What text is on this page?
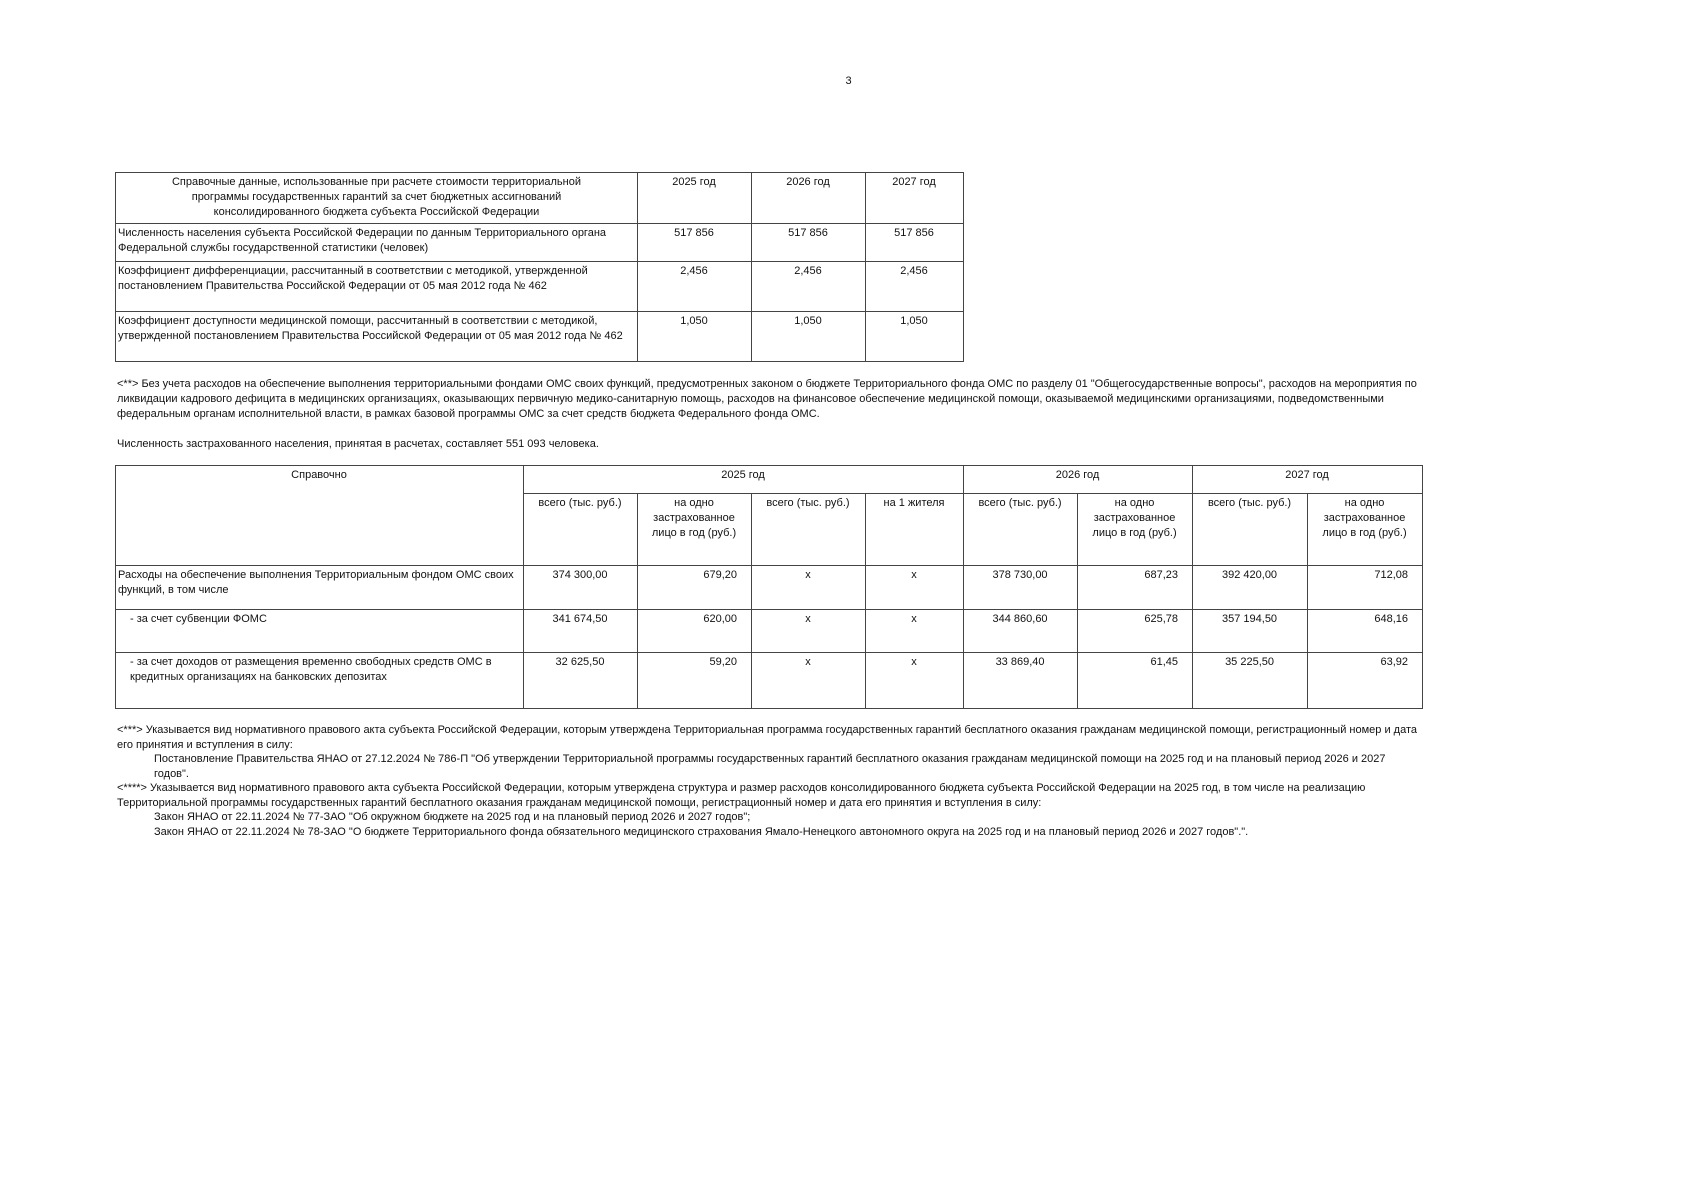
3
Справочные данные, использованные при расчете стоимости территориальной программы государственных гарантий за счет бюджетных ассигнований консолидированного бюджета субъекта Российской Федерации	2025 год	2026 год	2027 год
Численность населения субъекта Российской Федерации по данным Территориального органа Федеральной службы государственной статистики (человек)	517 856	517 856	517 856
Коэффициент дифференциации, рассчитанный в соответствии с методикой, утвержденной постановлением Правительства Российской Федерации от 05 мая 2012 года № 462	2,456	2,456	2,456
Коэффициент доступности медицинской помощи, рассчитанный в соответствии с методикой, утвержденной постановлением Правительства Российской Федерации от 05 мая 2012 года № 462	1,050	1,050	1,050
<**> Без учета расходов на обеспечение выполнения территориальными фондами ОМС своих функций, предусмотренных законом о бюджете Территориального фонда ОМС по разделу 01 "Общегосударственные вопросы", расходов на мероприятия по ликвидации кадрового дефицита в медицинских организациях, оказывающих первичную медико-санитарную помощь, расходов на финансовое обеспечение медицинской помощи, оказываемой медицинскими организациями, подведомственными федеральным органам исполнительной власти, в рамках базовой программы ОМС за счет средств бюджета Федерального фонда ОМС.
Численность застрахованного населения, принятая в расчетах, составляет 551 093 человека.
Справочно	2025 год				2026 год		2027 год	
	всего (тыс. руб.)	на одно застрахованное лицо в год (руб.)	всего (тыс. руб.)	на 1 жителя	всего (тыс. руб.)	на одно застрахованное лицо в год (руб.)	всего (тыс. руб.)	на одно застрахованное лицо в год (руб.)
Расходы на обеспечение выполнения Территориальным фондом ОМС своих функций, в том числе	374 300,00	679,20	x	x	378 730,00	687,23	392 420,00	712,08
- за счет субвенции ФОМС	341 674,50	620,00	x	x	344 860,60	625,78	357 194,50	648,16
- за счет доходов от размещения временно свободных средств ОМС в кредитных организациях на банковских депозитах	32 625,50	59,20	x	x	33 869,40	61,45	35 225,50	63,92
<***> Указывается вид нормативного правового акта субъекта Российской Федерации, которым утверждена Территориальная программа государственных гарантий бесплатного оказания гражданам медицинской помощи, регистрационный номер и дата его принятия и вступления в силу:
Постановление Правительства ЯНАО от 27.12.2024 № 786-П "Об утверждении Территориальной программы государственных гарантий бесплатного оказания гражданам медицинской помощи на 2025 год и на плановый период 2026 и 2027 годов".
<****> Указывается вид нормативного правового акта субъекта Российской Федерации, которым утверждена структура и размер расходов консолидированного бюджета субъекта Российской Федерации на 2025 год, в том числе на реализацию Территориальной программы государственных гарантий бесплатного оказания гражданам медицинской помощи, регистрационный номер и дата его принятия и вступления в силу:
Закон ЯНАО от 22.11.2024 № 77-ЗАО "Об окружном бюджете на 2025 год и на плановый период 2026 и 2027 годов";
Закон ЯНАО от 22.11.2024 № 78-ЗАО "О бюджете Территориального фонда обязательного медицинского страхования Ямало-Ненецкого автономного округа на 2025 год и на плановый период 2026 и 2027 годов".".
